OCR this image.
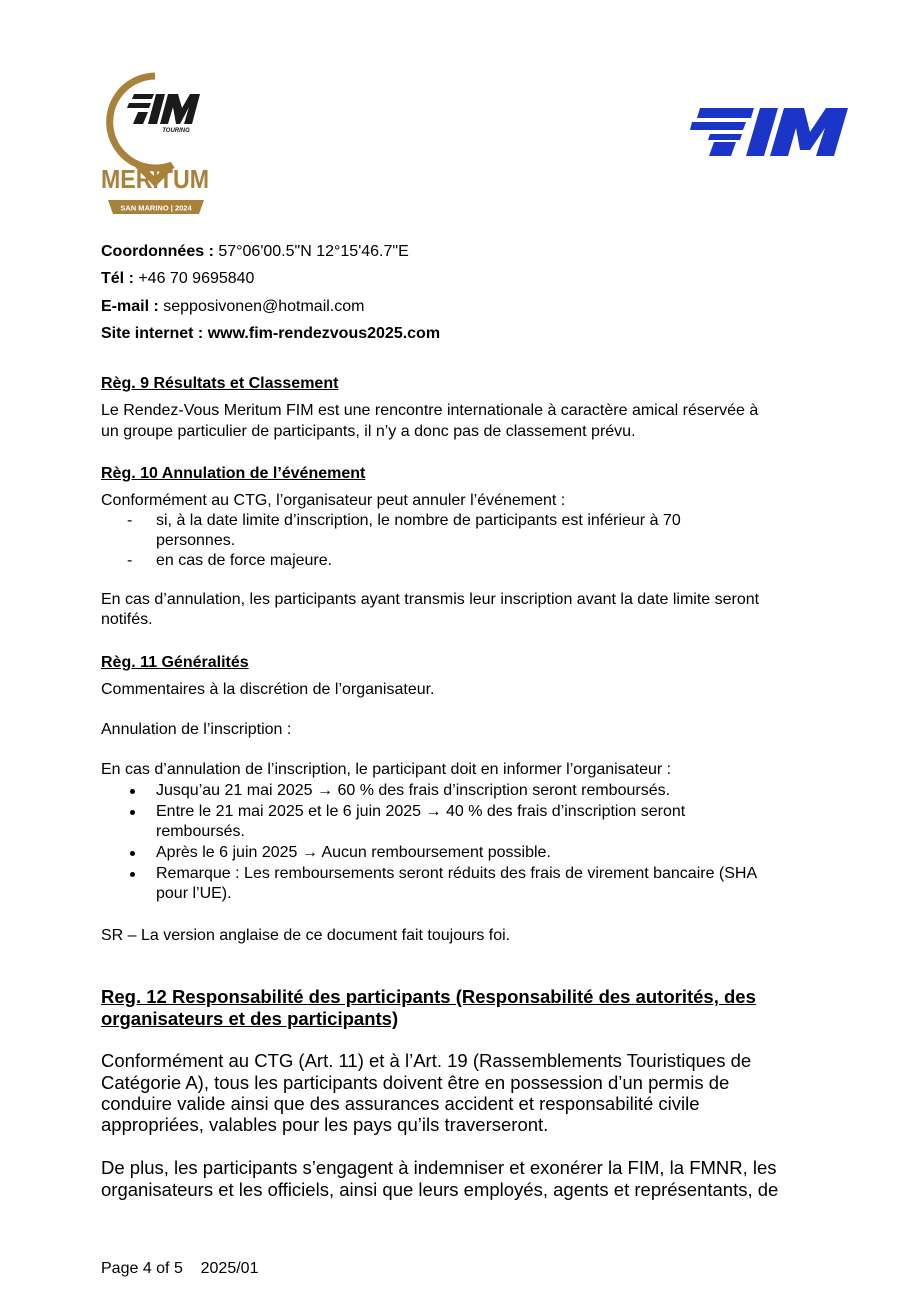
TOURING
MERITUM
SAN MARINO | 2024
Coordonnées : 57°06'00.5"N 12°15'46.7"E
Tél : +46 70 9695840
E-mail : sepposivonen@hotmail.com
Site internet : www.fim-rendezvous2025.com
Règ. 9 Résultats et Classement
Le Rendez-Vous Meritum FIM est une rencontre internationale à caractère amical réservée à
un groupe particulier de participants, il n’y a donc pas de classement prévu.
Règ. 10 Annulation de l’événement
Conformément au CTG, l’organisateur peut annuler l’événement :
- si, à la date limite d’inscription, le nombre de participants est inférieur à 70
personnes.
- en cas de force majeure.
En cas d’annulation, les participants ayant transmis leur inscription avant la date limite seront
notifés.
Règ. 11 Généralités
Commentaires à la discrétion de l’organisateur.
Annulation de l’inscription :
En cas d’annulation de l’inscription, le participant doit en informer l’organisateur :
Jusqu’au 21 mai 2025 → 60 % des frais d’inscription seront remboursés.
Entre le 21 mai 2025 et le 6 juin 2025 → 40 % des frais d’inscription seront
remboursés.
Après le 6 juin 2025 → Aucun remboursement possible.
Remarque : Les remboursements seront réduits des frais de virement bancaire (SHA
pour l’UE).
SR – La version anglaise de ce document fait toujours foi.
Reg. 12 Responsabilité des participants (Responsabilité des autorités, des
organisateurs et des participants)
Conformément au CTG (Art. 11) et à l’Art. 19 (Rassemblements Touristiques de
Catégorie A), tous les participants doivent être en possession d’un permis de
conduire valide ainsi que des assurances accident et responsabilité civile
appropriées, valables pour les pays qu’ils traverseront.
De plus, les participants s’engagent à indemniser et exonérer la FIM, la FMNR, les
organisateurs et les officiels, ainsi que leurs employés, agents et représentants, de
Page 4 of 5 2025/01
